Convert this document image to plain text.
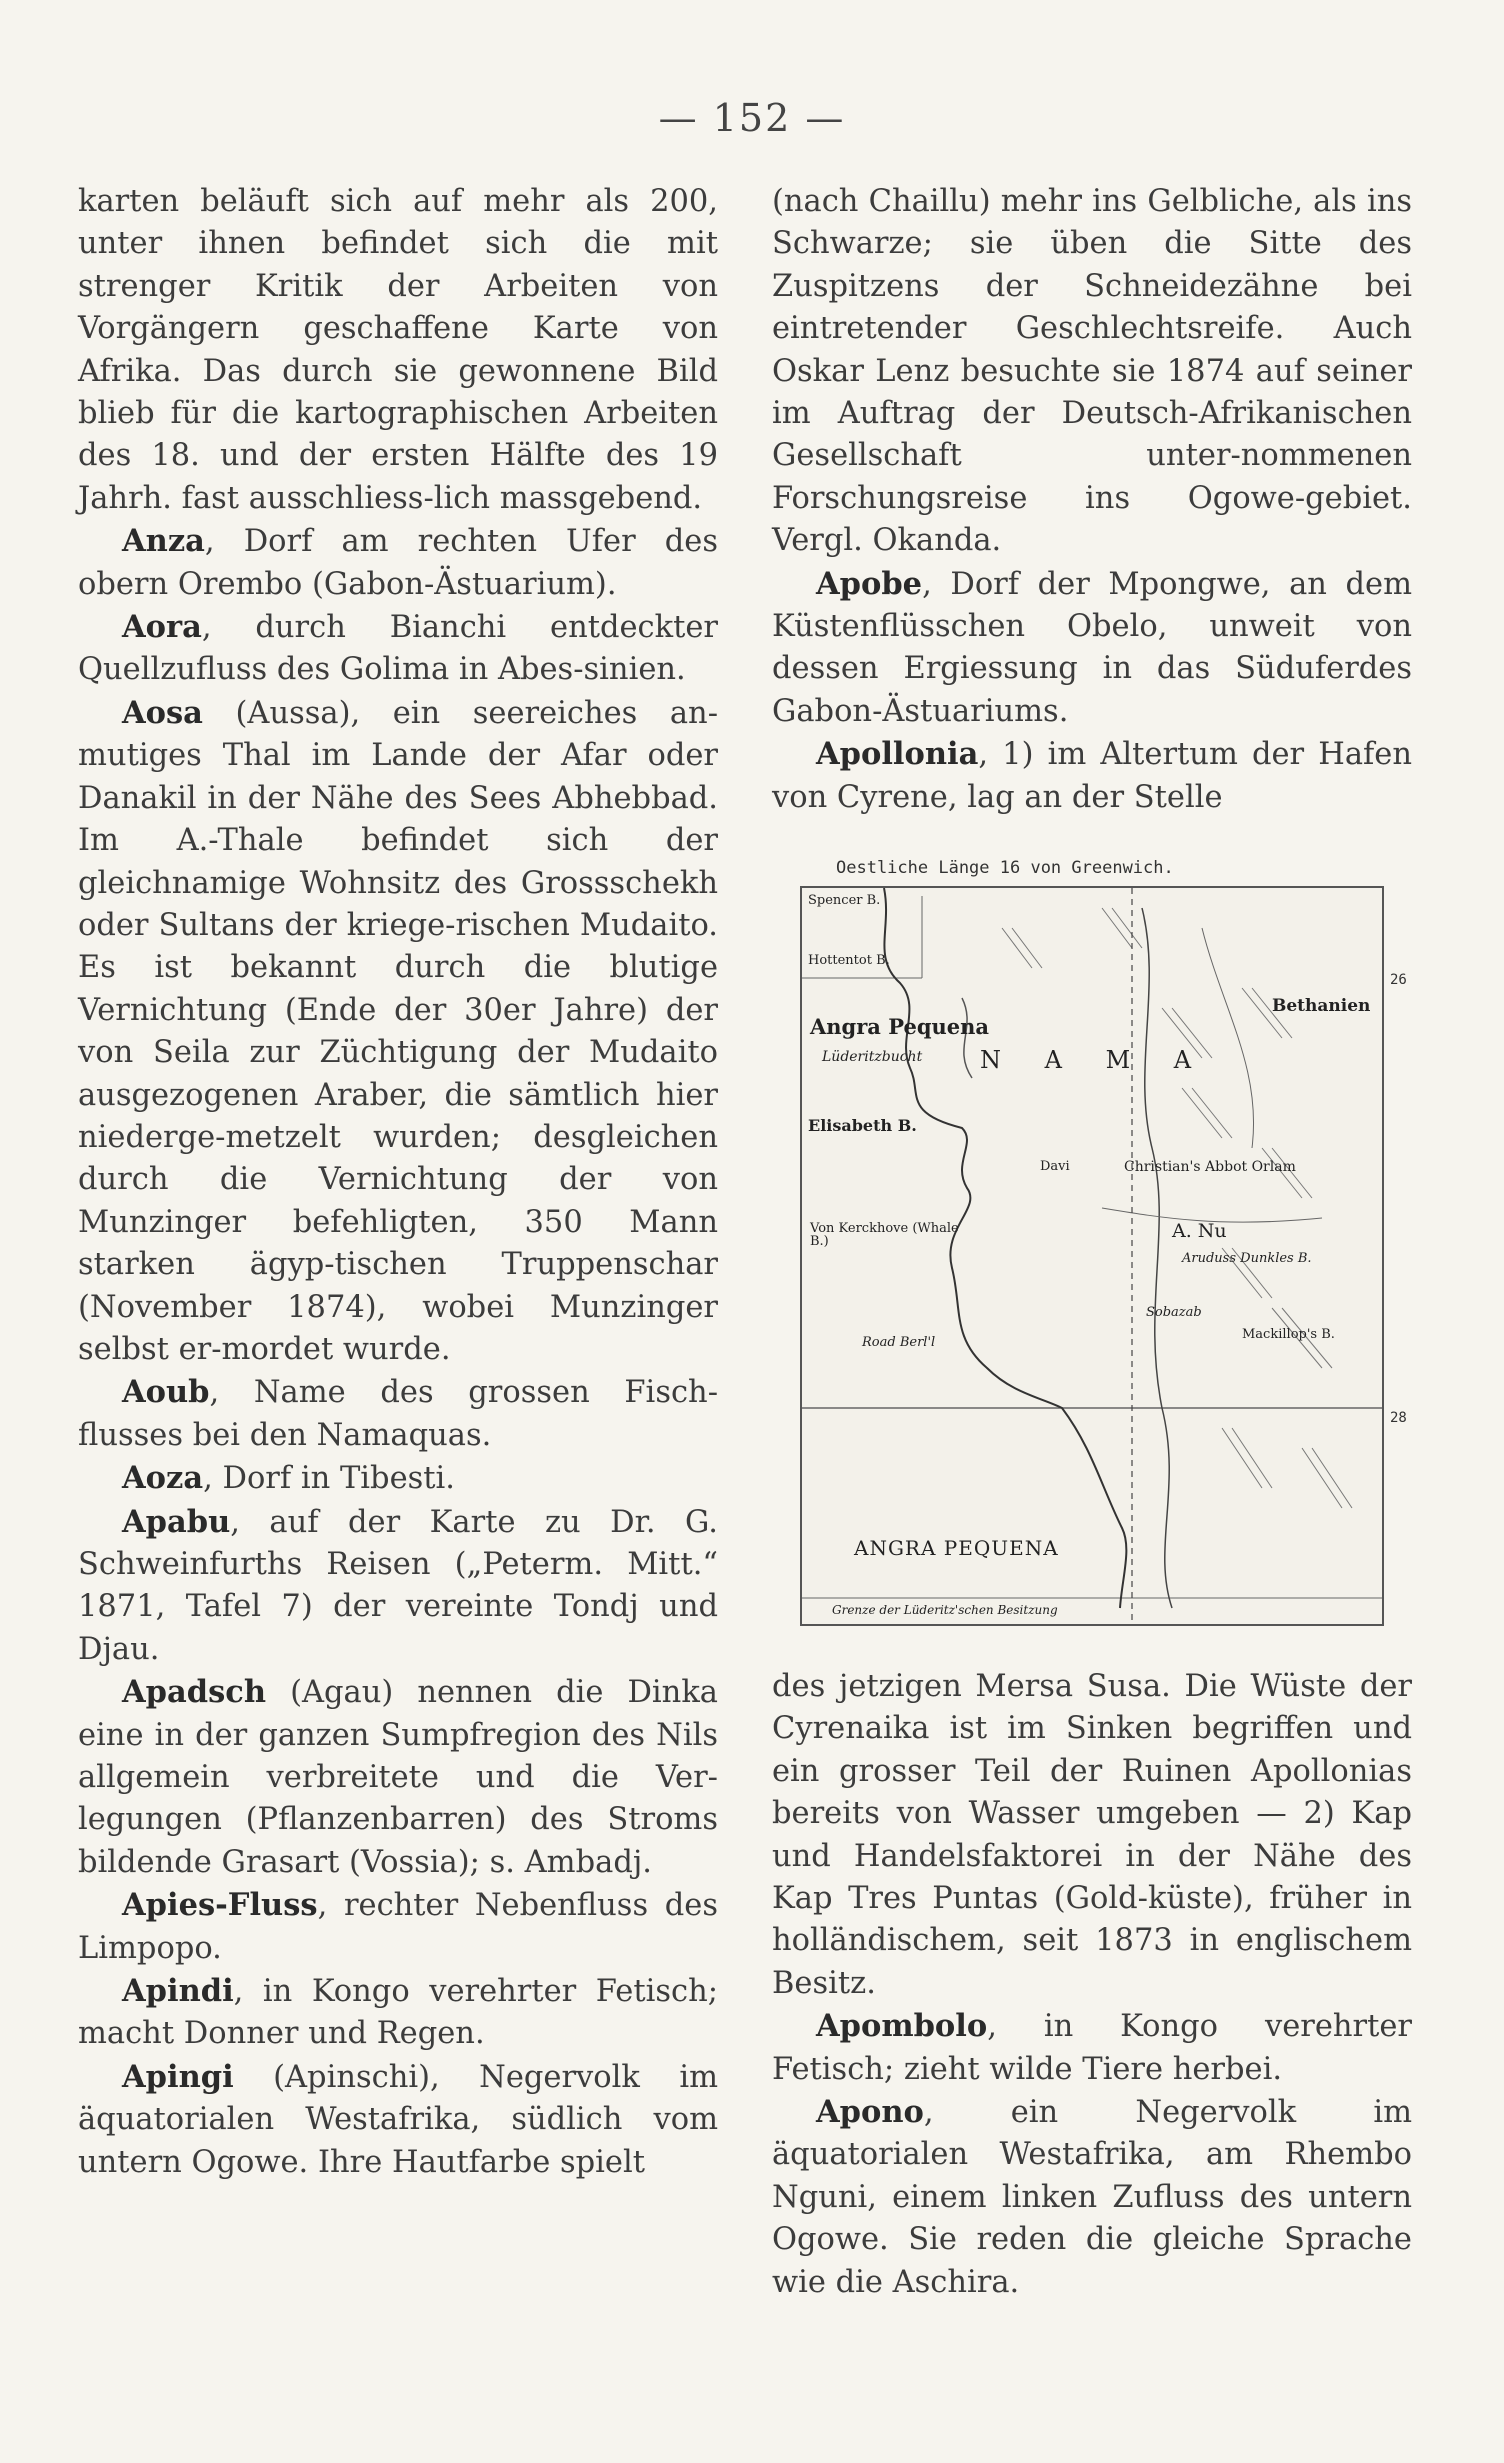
— 152 —

karten beläuft sich auf mehr als 200, unter ihnen befindet sich die mit strenger Kritik der Arbeiten von Vorgängern geschaffene Karte von Afrika. Das durch sie gewonnene Bild blieb für die kartographischen Arbeiten des 18. und der ersten Hälfte des 19 Jahrh. fast ausschliess-lich massgebend.

Anza, Dorf am rechten Ufer des obern Orembo (Gabon-Ästuarium).

Aora, durch Bianchi entdeckter Quellzufluss des Golima in Abes-sinien.

Aosa (Aussa), ein seereiches an-mutiges Thal im Lande der Afar oder Danakil in der Nähe des Sees Abhebbad. Im A.-Thale befindet sich der gleichnamige Wohnsitz des Grossschekh oder Sultans der kriege-rischen Mudaito. Es ist bekannt durch die blutige Vernichtung (Ende der 30er Jahre) der von Seila zur Züchtigung der Mudaito ausgezogenen Araber, die sämtlich hier niederge-metzelt wurden; desgleichen durch die Vernichtung der von Munzinger befehligten, 350 Mann starken ägyp-tischen Truppenschar (November 1874), wobei Munzinger selbst er-mordet wurde.

Aoub, Name des grossen Fisch-flusses bei den Namaquas.

Aoza, Dorf in Tibesti.

Apabu, auf der Karte zu Dr. G. Schweinfurths Reisen („Peterm. Mitt.“ 1871, Tafel 7) der vereinte Tondj und Djau.

Apadsch (Agau) nennen die Dinka eine in der ganzen Sumpfregion des Nils allgemein verbreitete und die Ver-legungen (Pflanzenbarren) des Stroms bildende Grasart (Vossia); s. Ambadj.

Apies-Fluss, rechter Nebenfluss des Limpopo.

Apindi, in Kongo verehrter Fetisch; macht Donner und Regen.

Apingi (Apinschi), Negervolk im äquatorialen Westafrika, südlich vom untern Ogowe. Ihre Hautfarbe spielt

(nach Chaillu) mehr ins Gelbliche, als ins Schwarze; sie üben die Sitte des Zuspitzens der Schneidezähne bei eintretender Geschlechtsreife. Auch Oskar Lenz besuchte sie 1874 auf seiner im Auftrag der Deutsch-Afrikanischen Gesellschaft unter-nommenen Forschungsreise ins Ogowe-gebiet. Vergl. Okanda.

Apobe, Dorf der Mpongwe, an dem Küstenflüsschen Obelo, unweit von dessen Ergiessung in das Süduferdes Gabon-Ästuariums.

Apollonia, 1) im Altertum der Hafen von Cyrene, lag an der Stelle

Oestliche Länge 16 von Greenwich.
Spencer B.
Hottentot B.
Angra Pequena
Lüderitzbucht
Elisabeth B.
Von Kerckhove (Whale B.)
Road Berl'l
N A M A
Bethanien
Christian's Abbot Orlam
Davi
A. Nu
Aruduss Dunkles B.
Sobazab
Mackillop's B.
ANGRA PEQUENA
Grenze der Lüderitz'schen Besitzung
26
28

des jetzigen Mersa Susa. Die Wüste der Cyrenaika ist im Sinken begriffen und ein grosser Teil der Ruinen Apollonias bereits von Wasser umgeben — 2) Kap und Handelsfaktorei in der Nähe des Kap Tres Puntas (Gold-küste), früher in holländischem, seit 1873 in englischem Besitz.

Apombolo, in Kongo verehrter Fetisch; zieht wilde Tiere herbei.

Apono, ein Negervolk im äquatorialen Westafrika, am Rhembo Nguni, einem linken Zufluss des untern Ogowe. Sie reden die gleiche Sprache wie die Aschira.
